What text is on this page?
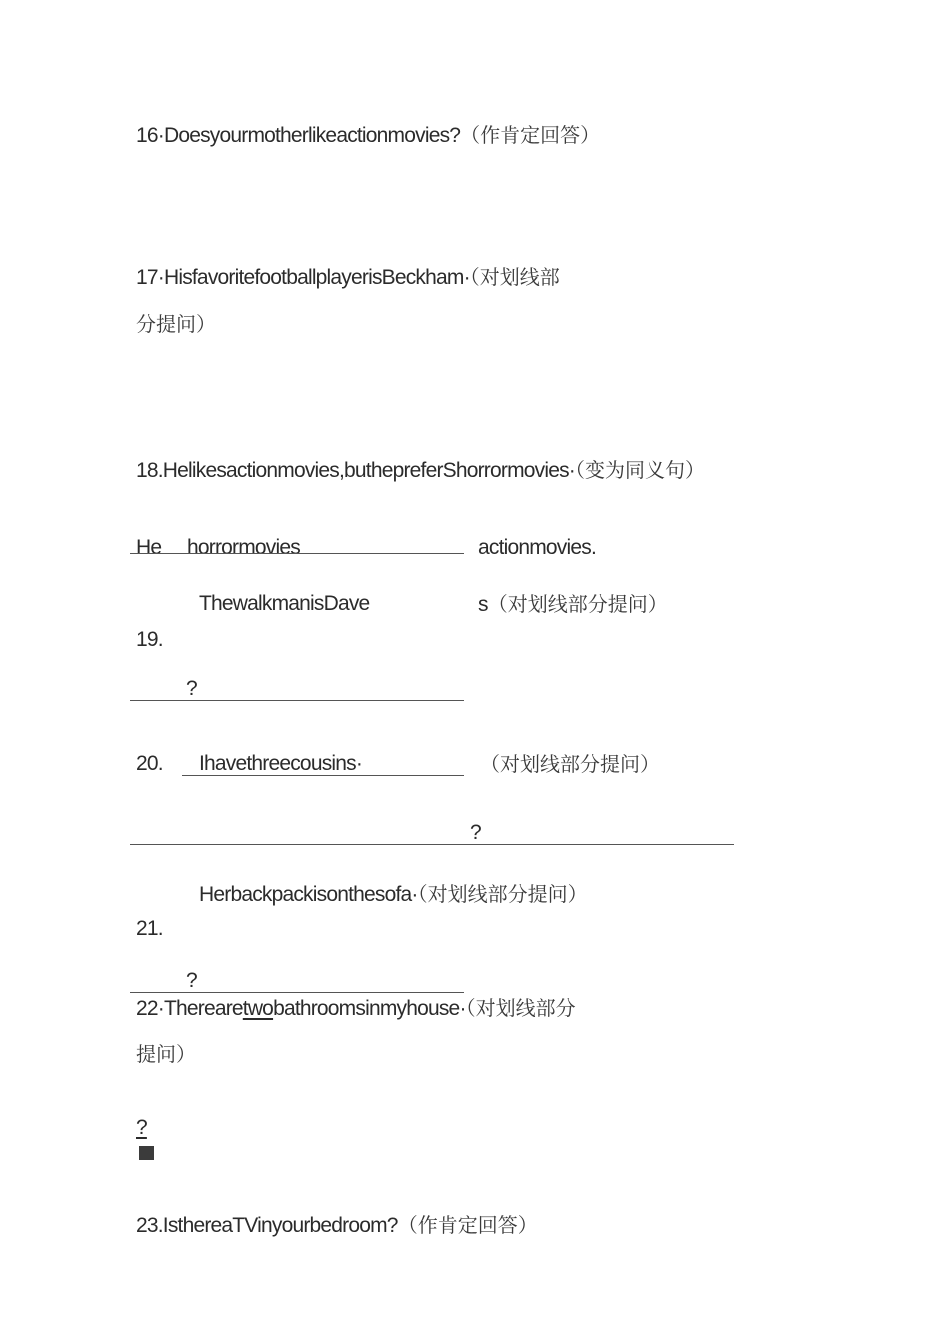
16·Doesyourmotherlikeactionmovies?（作肯定回答）
17·HisfavoritefootballplayerisBeckham·（对划线部
分提问）
18.Helikesactionmovies,buthepreferShorrormovies·（变为同义句）
He horrormovies	actionmovies.
ThewalkmanisDave	s（对划线部分提问）
19.
?
20. Ihavethreecousins·	（对划线部分提问）
?
Herbackpackisonthesofa·（对划线部分提问）
21.
?
22·Therearetwobathroomsinmyhouse·（对划线部分
提问）
?
23.IsthereaTVinyourbedroom?（作肯定回答）
